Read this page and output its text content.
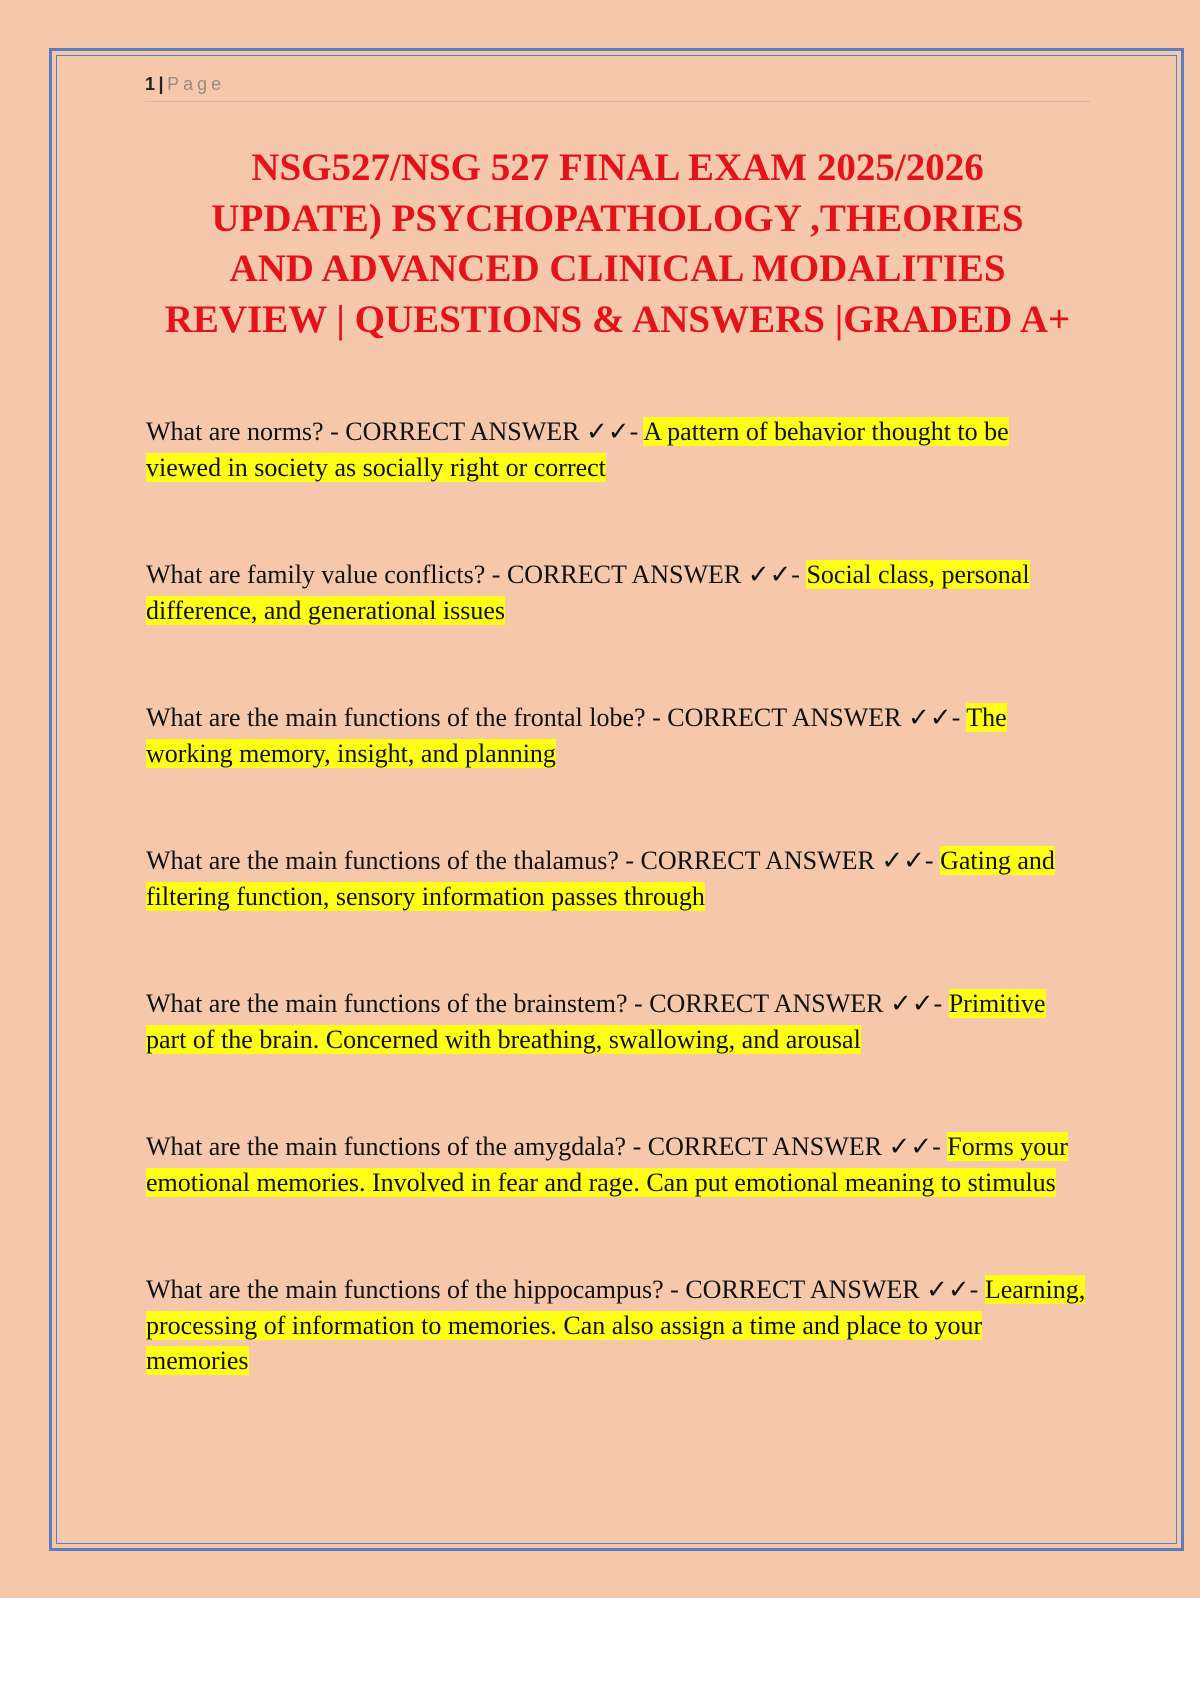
1 | Page
NSG527/NSG 527 FINAL EXAM 2025/2026
UPDATE) PSYCHOPATHOLOGY ,THEORIES
AND ADVANCED CLINICAL MODALITIES
REVIEW | QUESTIONS & ANSWERS |GRADED A+

What are norms? - CORRECT ANSWER ✓✓- A pattern of behavior thought to be viewed in society as socially right or correct

What are family value conflicts? - CORRECT ANSWER ✓✓- Social class, personal difference, and generational issues

What are the main functions of the frontal lobe? - CORRECT ANSWER ✓✓- The working memory, insight, and planning

What are the main functions of the thalamus? - CORRECT ANSWER ✓✓- Gating and filtering function, sensory information passes through

What are the main functions of the brainstem? - CORRECT ANSWER ✓✓- Primitive part of the brain. Concerned with breathing, swallowing, and arousal

What are the main functions of the amygdala? - CORRECT ANSWER ✓✓- Forms your emotional memories. Involved in fear and rage. Can put emotional meaning to stimulus

What are the main functions of the hippocampus? - CORRECT ANSWER ✓✓- Learning, processing of information to memories. Can also assign a time and place to your memories
